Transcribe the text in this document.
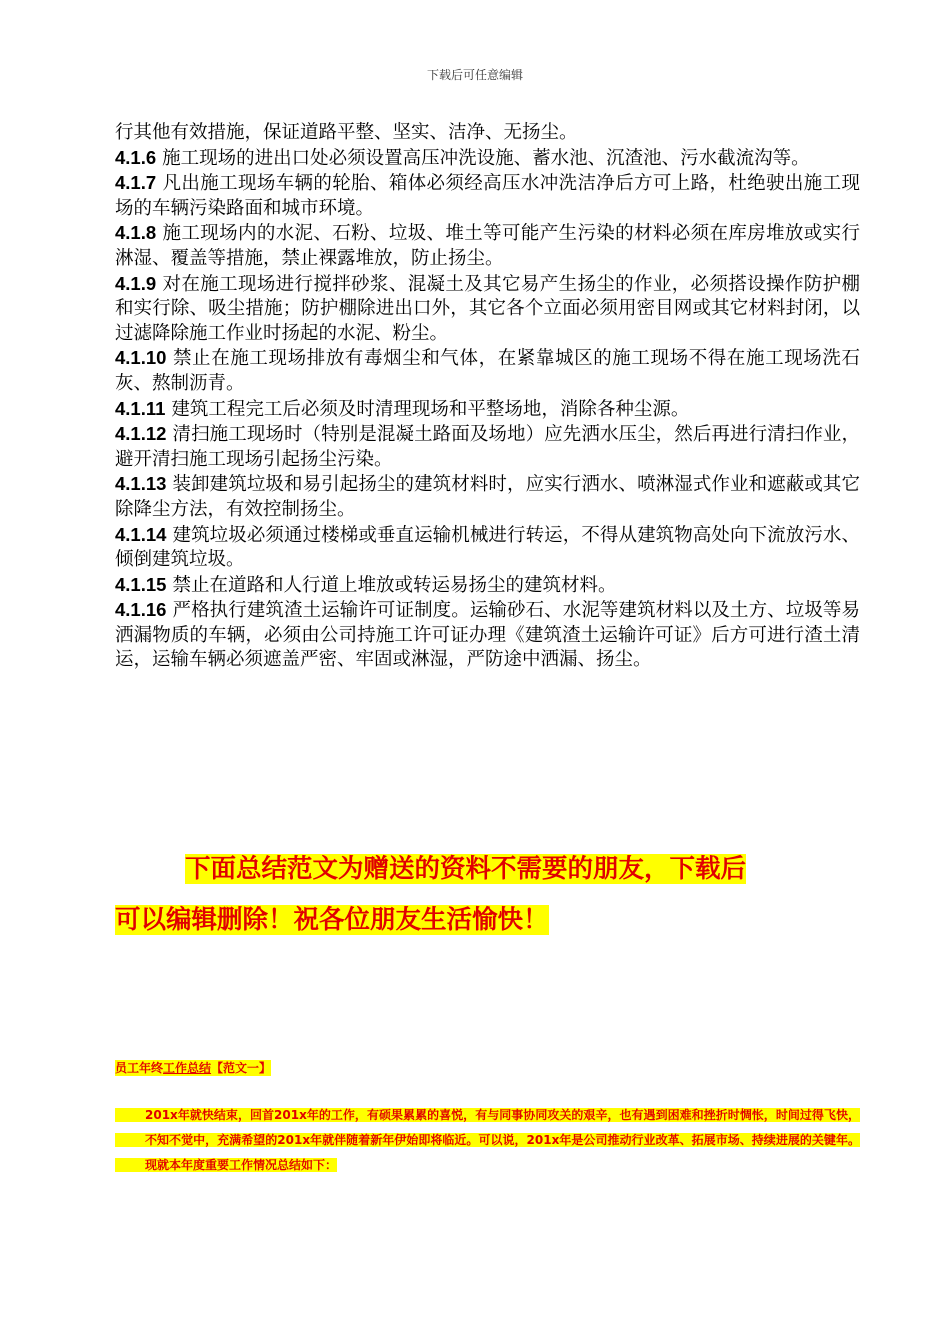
下载后可任意编辑

行其他有效措施，保证道路平整、坚实、洁净、无扬尘。

4.1.6 施工现场的进出口处必须设置高压冲洗设施、蓄水池、沉渣池、污水截流沟等。

4.1.7 凡出施工现场车辆的轮胎、箱体必须经高压水冲洗洁净后方可上路，杜绝驶出施工现场的车辆污染路面和城市环境。

4.1.8 施工现场内的水泥、石粉、垃圾、堆土等可能产生污染的材料必须在库房堆放或实行淋湿、覆盖等措施，禁止裸露堆放，防止扬尘。

4.1.9 对在施工现场进行搅拌砂浆、混凝土及其它易产生扬尘的作业，必须搭设操作防护棚和实行除、吸尘措施；防护棚除进出口外，其它各个立面必须用密目网或其它材料封闭，以过滤降除施工作业时扬起的水泥、粉尘。

4.1.10 禁止在施工现场排放有毒烟尘和气体，在紧靠城区的施工现场不得在施工现场洗石灰、熬制沥青。

4.1.11 建筑工程完工后必须及时清理现场和平整场地，消除各种尘源。

4.1.12 清扫施工现场时（特别是混凝土路面及场地）应先洒水压尘，然后再进行清扫作业，避开清扫施工现场引起扬尘污染。

4.1.13 装卸建筑垃圾和易引起扬尘的建筑材料时，应实行洒水、喷淋湿式作业和遮蔽或其它除降尘方法，有效控制扬尘。

4.1.14 建筑垃圾必须通过楼梯或垂直运输机械进行转运，不得从建筑物高处向下流放污水、倾倒建筑垃圾。

4.1.15 禁止在道路和人行道上堆放或转运易扬尘的建筑材料。

4.1.16 严格执行建筑渣土运输许可证制度。运输砂石、水泥等建筑材料以及土方、垃圾等易洒漏物质的车辆，必须由公司持施工许可证办理《建筑渣土运输许可证》后方可进行渣土清运，运输车辆必须遮盖严密、牢固或淋湿，严防途中洒漏、扬尘。

下面总结范文为赠送的资料不需要的朋友，下载后
可以编辑删除！祝各位朋友生活愉快！
员工年终工作总结【范文一】
201x年就快结束，回首201x年的工作，有硕果累累的喜悦，有与同事协同攻关的艰辛，也有遇到困难和挫折时惆怅，时间过得飞快，不知不觉中，充满希望的201x年就伴随着新年伊始即将临近。可以说，201x年是公司推动行业改革、拓展市场、持续进展的关键年。现就本年度重要工作情况总结如下：
